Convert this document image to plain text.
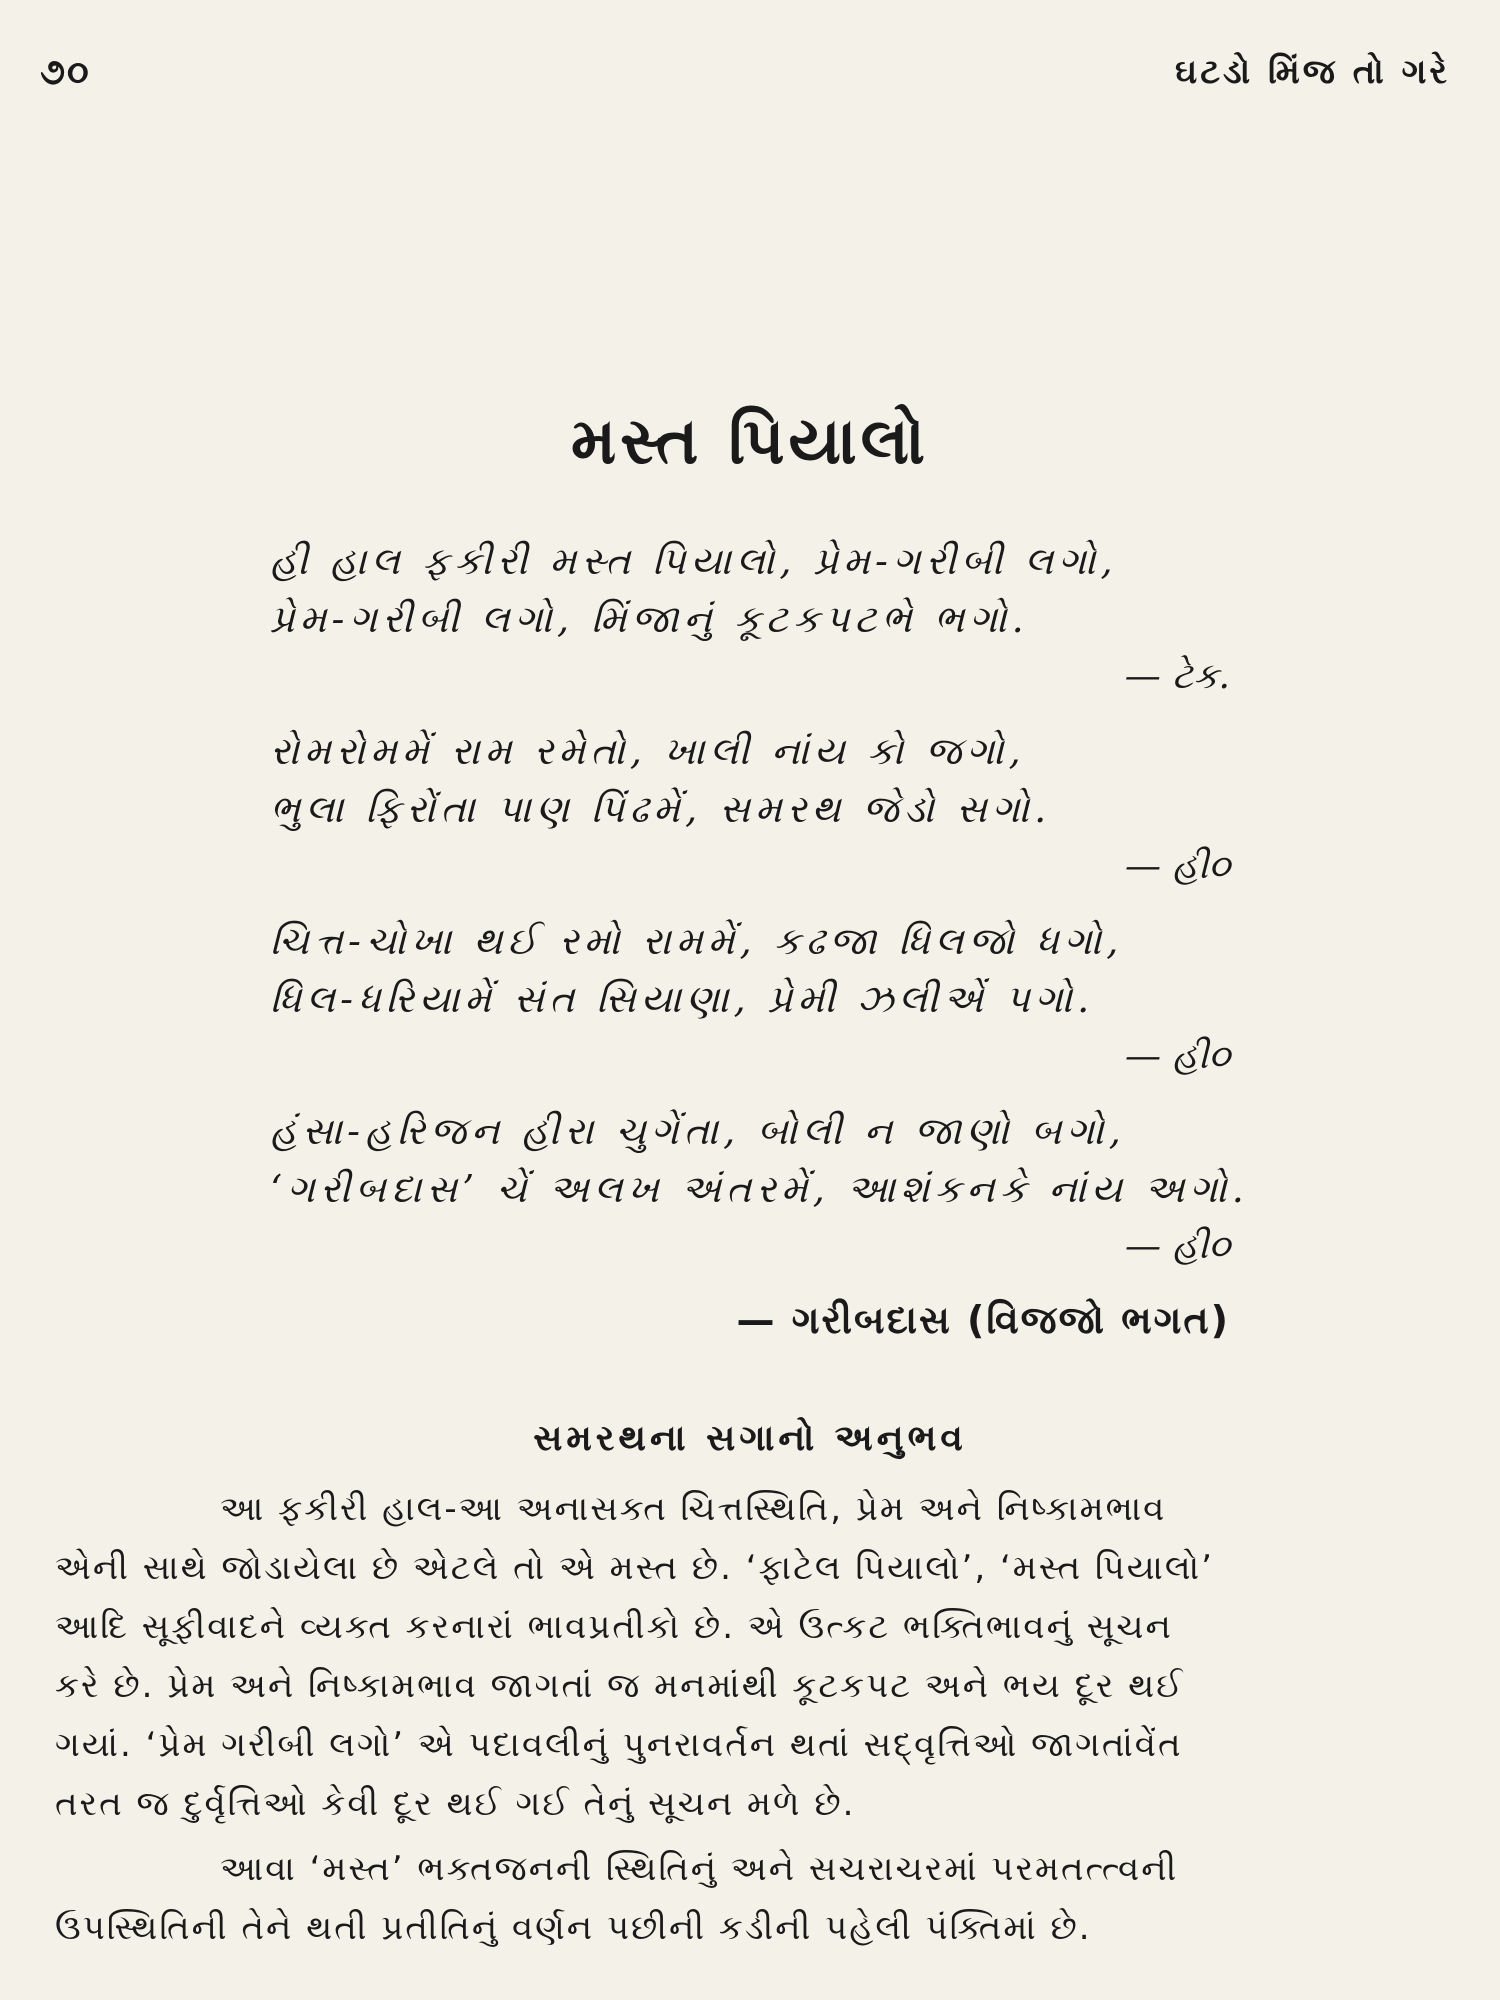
૭૦	ઘટડો મિંજ તો ગરે
મસ્ત પિયાલો
હી હાલ ફકીરી મસ્ત પિયાલો, પ્રેમ-ગરીબી લગો,
પ્રેમ-ગરીબી લગો, મિંજાનું કૂટકપટભે ભગો.
— ટેક.
રોમરોમમેં રામ રમેતો, ખાલી નાંય કો જગો,
ભુલા ફિરોંતા પાણ પિંઢમેં, સમરથ જેડો સગો.
— હી૦
ચિત્ત-ચોખા થઈ રમો રામમેં, કઢજા ધિલજો ધગો,
ધિલ-ધરિયામેં સંત સિયાણા, પ્રેમી ઝલીએં પગો.
— હી૦
હંસા-હરિજન હીરા ચુગેંતા, બોલી ન જાણો બગો,
‘ગરીબદાસ’ ચેં અલખ અંતરમેં, આશંકનકે નાંય અગો.
— હી૦
— ગરીબદાસ (વિજજો ભગત)
સમરથના સગાનો અનુભવ
આ ફકીરી હાલ-આ અનાસક્ત ચિત્તસ્થિતિ, પ્રેમ અને નિષ્કામભાવ
એની સાથે જોડાયેલા છે એટલે તો એ મસ્ત છે. ‘ફાટેલ પિયાલો’, ‘મસ્ત પિયાલો’
આદિ સૂફીવાદને વ્યક્ત કરનારાં ભાવપ્રતીકો છે. એ ઉત્કટ ભક્તિભાવનું સૂચન
કરે છે. પ્રેમ અને નિષ્કામભાવ જાગતાં જ મનમાંથી કૂટકપટ અને ભય દૂર થઈ
ગયાં. ‘પ્રેમ ગરીબી લગો’ એ પદાવલીનું પુનરાવર્તન થતાં સદ્‌વૃત્તિઓ જાગતાંવેંત
તરત જ દુર્વૃત્તિઓ કેવી દૂર થઈ ગઈ તેનું સૂચન મળે છે.
આવા ‘મસ્ત’ ભક્તજનની સ્થિતિનું અને સચરાચરમાં પરમતત્ત્વની
ઉપસ્થિતિની તેને થતી પ્રતીતિનું વર્ણન પછીની કડીની પહેલી પંક્તિમાં છે.
